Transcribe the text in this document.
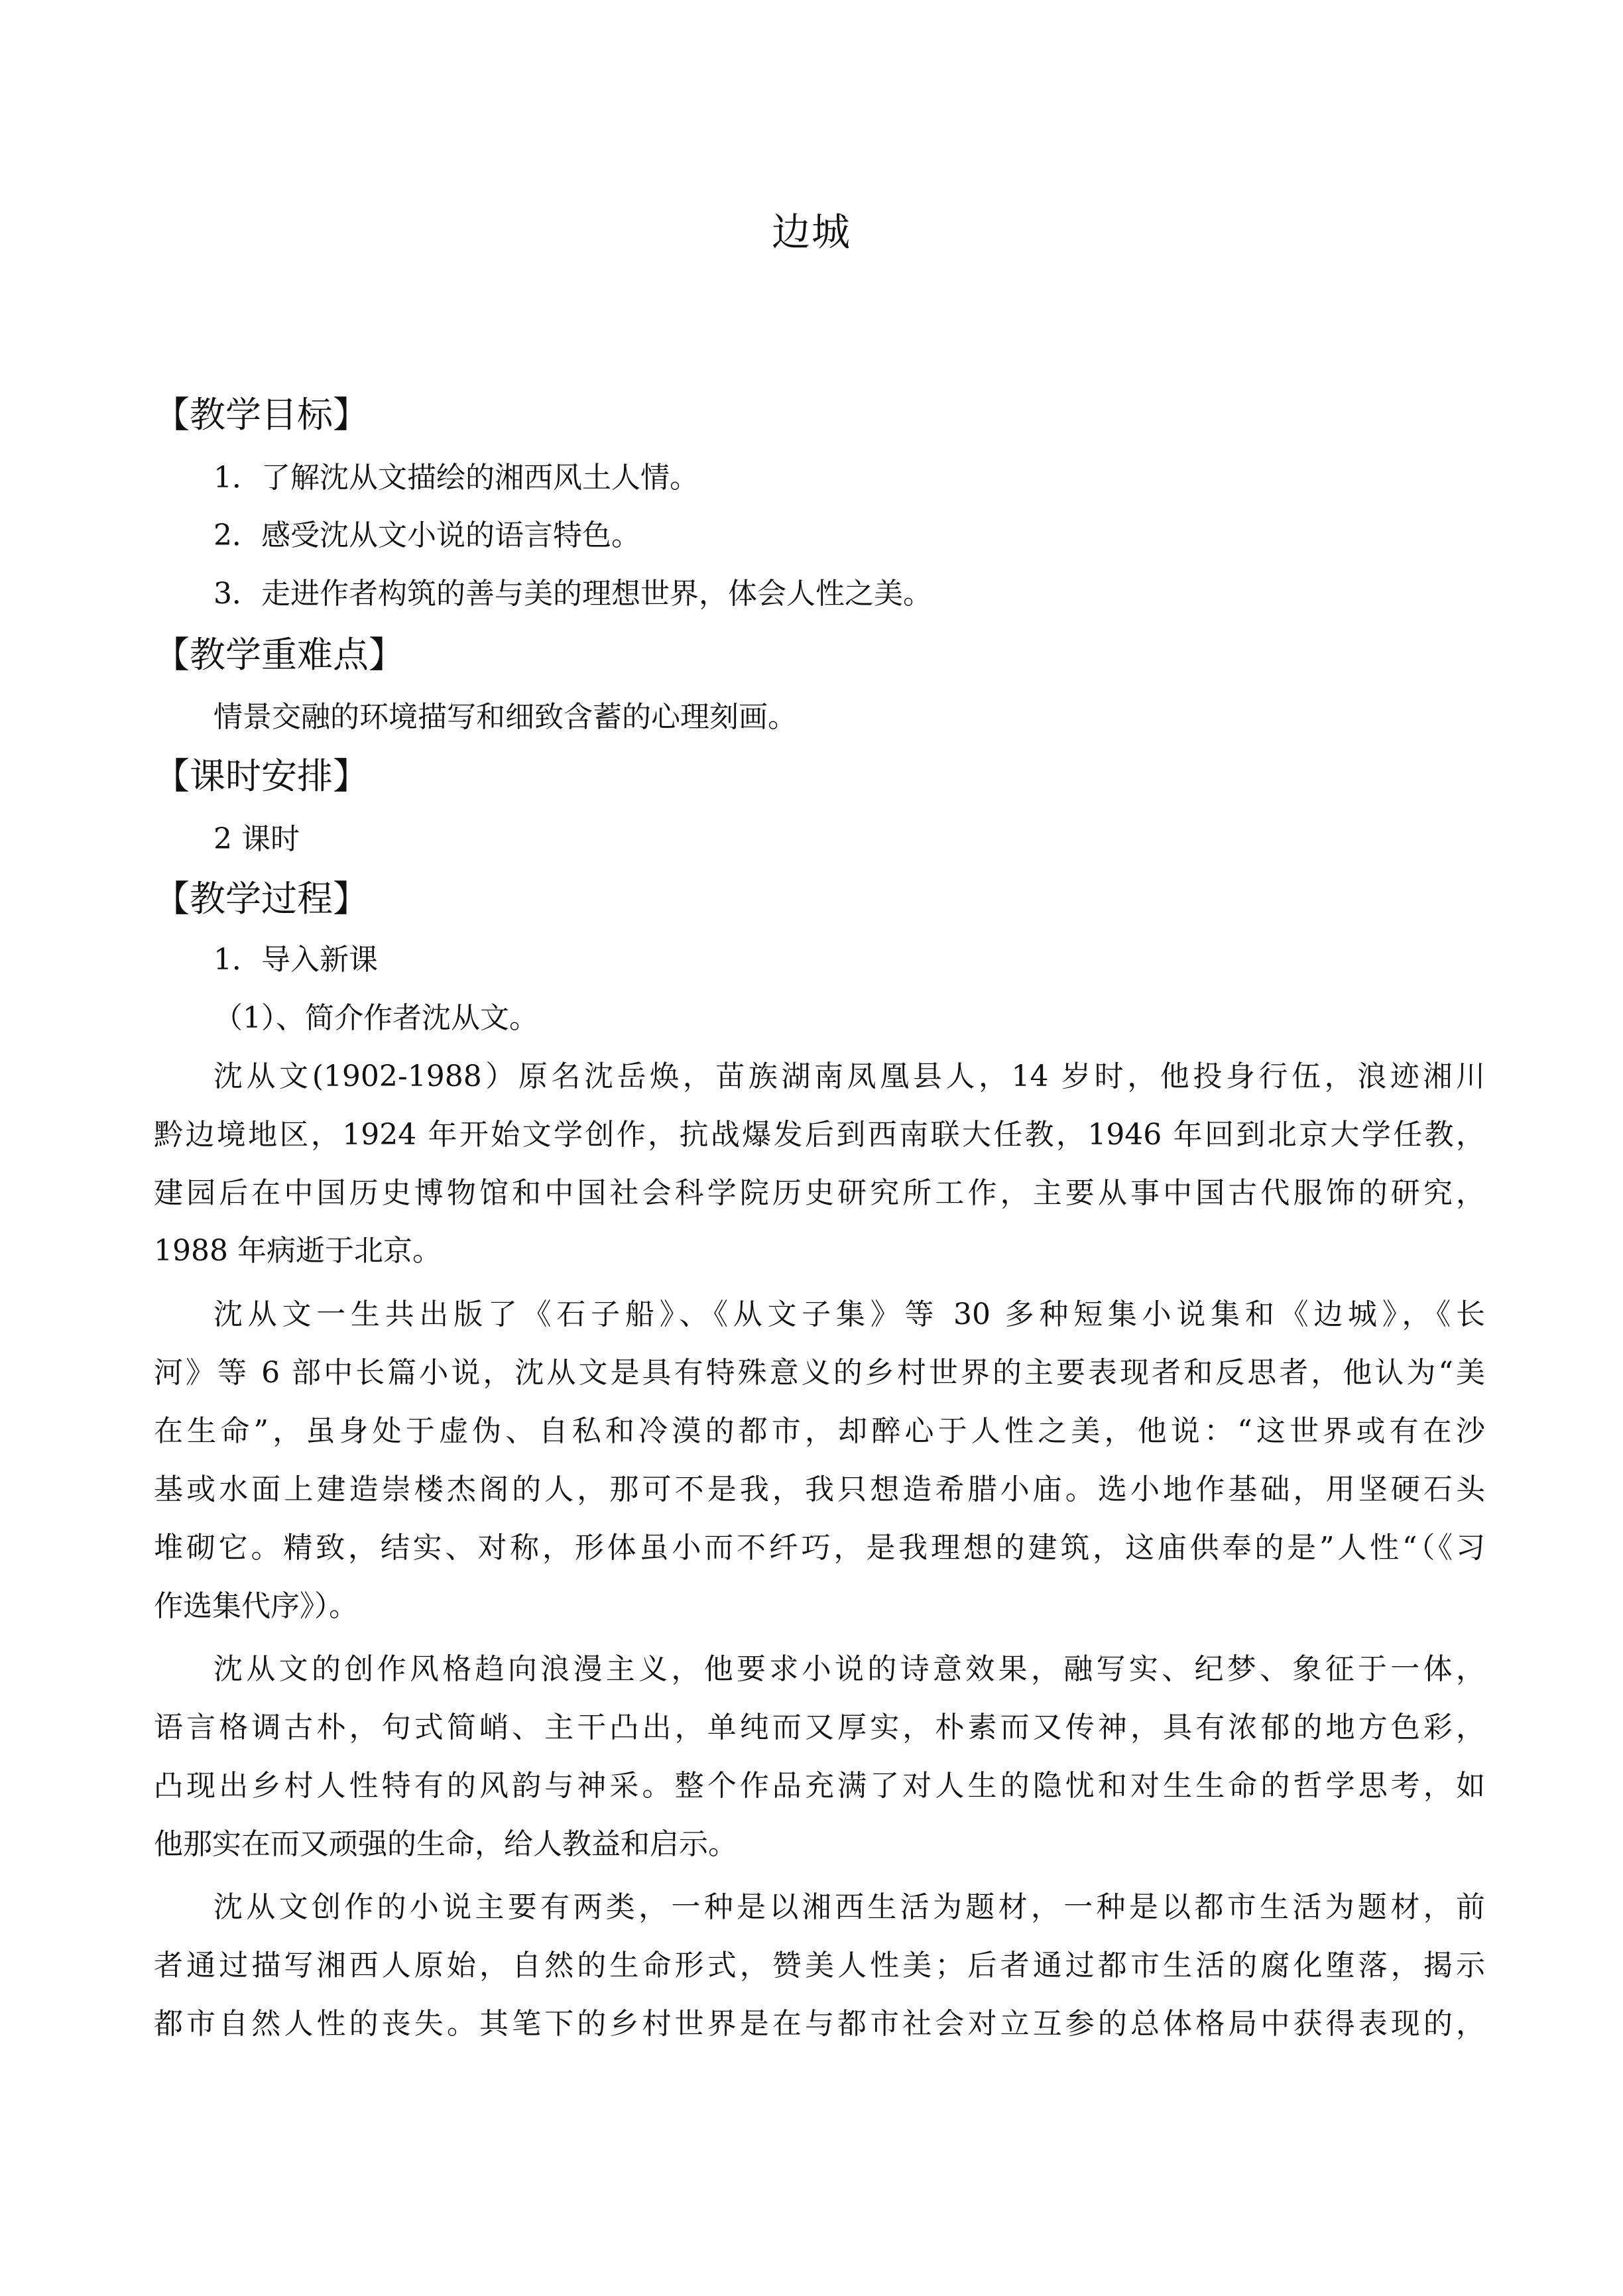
边城
【教学目标】
1．了解沈从文描绘的湘西风土人情。
2．感受沈从文小说的语言特色。
3．走进作者构筑的善与美的理想世界，体会人性之美。
【教学重难点】
情景交融的环境描写和细致含蓄的心理刻画。
【课时安排】
2 课时
【教学过程】
1．导入新课
（1）、简介作者沈从文。
沈从文(1902-1988）原名沈岳焕，苗族湖南凤凰县人，14 岁时，他投身行伍，浪迹湘川
黔边境地区，1924 年开始文学创作，抗战爆发后到西南联大任教，1946 年回到北京大学任教，
建园后在中国历史博物馆和中国社会科学院历史研究所工作，主要从事中国古代服饰的研究，
1988 年病逝于北京。
沈从文一生共出版了《石子船》、《从文子集》等 30 多种短集小说集和《边城》，《长
河》等 6 部中长篇小说，沈从文是具有特殊意义的乡村世界的主要表现者和反思者，他认为“美
在生命”，虽身处于虚伪、自私和冷漠的都市，却醉心于人性之美，他说：“这世界或有在沙
基或水面上建造崇楼杰阁的人，那可不是我，我只想造希腊小庙。选小地作基础，用坚硬石头
堆砌它。精致，结实、对称，形体虽小而不纤巧，是我理想的建筑，这庙供奉的是”人性“（《习
作选集代序》）。
沈从文的创作风格趋向浪漫主义，他要求小说的诗意效果，融写实、纪梦、象征于一体，
语言格调古朴，句式简峭、主干凸出，单纯而又厚实，朴素而又传神，具有浓郁的地方色彩，
凸现出乡村人性特有的风韵与神采。整个作品充满了对人生的隐忧和对生生命的哲学思考，如
他那实在而又顽强的生命，给人教益和启示。
沈从文创作的小说主要有两类，一种是以湘西生活为题材，一种是以都市生活为题材，前
者通过描写湘西人原始，自然的生命形式，赞美人性美；后者通过都市生活的腐化堕落，揭示
都市自然人性的丧失。其笔下的乡村世界是在与都市社会对立互参的总体格局中获得表现的，
